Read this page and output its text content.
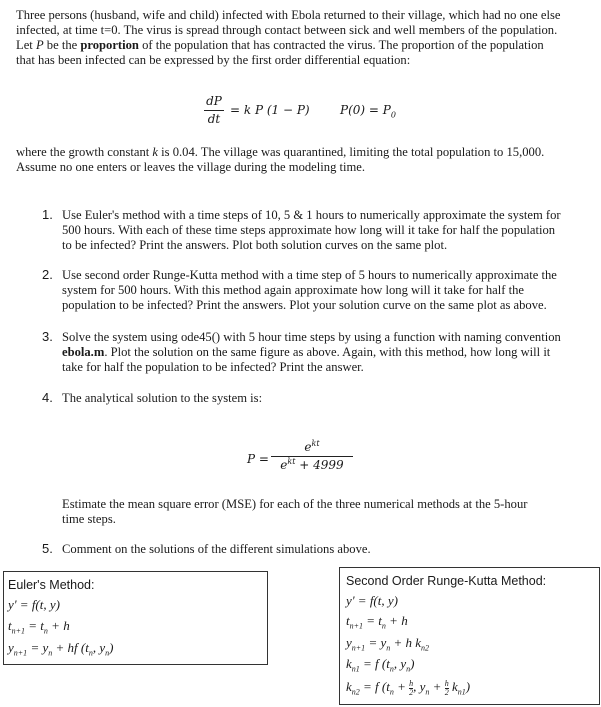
Three persons (husband, wife and child) infected with Ebola returned to their village, which had no one else
infected, at time t=0. The virus is spread through contact between sick and well members of the population.
Let P be the proportion of the population that has contracted the virus. The proportion of the population
that has been infected can be expressed by the first order differential equation:
dP
dt
= k P (1 − P)	$P(0) = P_0$
where the growth constant k is 0.04. The village was quarantined, limiting the total population to 15,000.
Assume no one enters or leaves the village during the modeling time.
1. Use Euler's method with a time steps of 10, 5 & 1 hours to numerically approximate the system for
500 hours. With each of these time steps approximate how long will it take for half the population
to be infected? Print the answers. Plot both solution curves on the same plot.
2. Use second order Runge-Kutta method with a time step of 5 hours to numerically approximate the
system for 500 hours. With this method again approximate how long will it take for half the
population to be infected? Print the answers. Plot your solution curve on the same plot as above.
3. Solve the system using ode45() with 5 hour time steps by using a function with naming convention
ebola.m. Plot the solution on the same figure as above. Again, with this method, how long will it
take for half the population to be infected? Print the answer.
4. The analytical solution to the system is:
P =
$e^{kt}$
$e^{kt} + 4999$
Estimate the mean square error (MSE) for each of the three numerical methods at the 5-hour
time steps.
5. Comment on the solutions of the different simulations above.
Euler's Method:
y' = f(t, y)
$t_{n+1} = t_n + h$
$y_{n+1} = y_n$ + hf ($t_n$, $y_n$)
Second Order Runge-Kutta Method:
y' = f(t, y)
$t_{n+1} = t_n + h$
$y_{n+1} = y_n + h$ $k_{n2}$
$k_{n1} = f$ ($t_n$, $y_n$)
$k_{n2} = f$ ($t_n + \frac{h}{2}$ , $y_n + \frac{h}{2} k_{n1}$)
